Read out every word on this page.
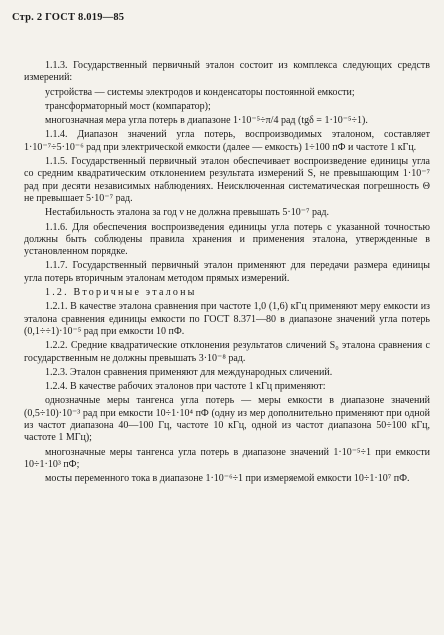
Стр. 2 ГОСТ 8.019—85

1.1.3. Государственный первичный эталон состоит из комплекса следующих средств измерений:

устройства — системы электродов и конденсаторы постоянной емкости;

трансформаторный мост (компаратор);

многозначная мера угла потерь в диапазоне 1·10⁻⁵÷π/4 рад (tgδ = 1·10⁻⁵÷1).

1.1.4. Диапазон значений угла потерь, воспроизводимых эталоном, составляет 1·10⁻⁷÷5·10⁻⁶ рад при электрической емкости (далее — емкость) 1÷100 пФ и частоте 1 кГц.

1.1.5. Государственный первичный эталон обеспечивает воспроизведение единицы угла со средним квадратическим отклонением результата измерений S, не превышающим 1·10⁻⁷ рад при десяти независимых наблюдениях. Неисключенная систематическая погрешность Θ не превышает 5·10⁻⁷ рад.

Нестабильность эталона за год ν не должна превышать 5·10⁻⁷ рад.

1.1.6. Для обеспечения воспроизведения единицы угла потерь с указанной точностью должны быть соблюдены правила хранения и применения эталона, утвержденные в установленном порядке.

1.1.7. Государственный первичный эталон применяют для передачи размера единицы угла потерь вторичным эталонам методом прямых измерений.

1.2. Вторичные эталоны

1.2.1. В качестве эталона сравнения при частоте 1,0 (1,6) кГц применяют меру емкости из эталона сравнения единицы емкости по ГОСТ 8.371—80 в диапазоне значений угла потерь (0,1÷÷1)·10⁻⁵ рад при емкости 10 пФ.

1.2.2. Средние квадратические отклонения результатов сличений S₀ эталона сравнения с государственным не должны превышать 3·10⁻⁸ рад.

1.2.3. Эталон сравнения применяют для международных сличений.

1.2.4. В качестве рабочих эталонов при частоте 1 кГц применяют:

однозначные меры тангенса угла потерь — меры емкости в диапазоне значений (0,5÷10)·10⁻³ рад при емкости 10÷1·10⁴ пФ (одну из мер дополнительно применяют при одной из частот диапазона 40—100 Гц, частоте 10 кГц, одной из частот диапазона 50÷100 кГц, частоте 1 МГц);

многозначные меры тангенса угла потерь в диапазоне значений 1·10⁻⁵÷1 при емкости 10÷1·10³ пФ;

мосты переменного тока в диапазоне 1·10⁻⁶÷1 при измеряемой емкости 10÷1·10⁷ пФ.
